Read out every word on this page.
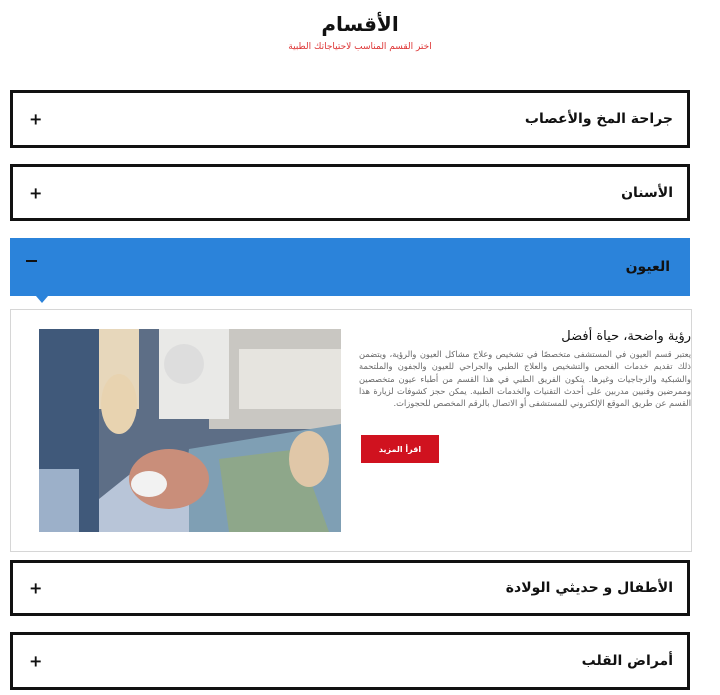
الأقسام
اختر القسم المناسب لاحتياجاتك الطبية
جراحة المخ والأعصاب
+
الأسنان
+
العيون
رؤية واضحة، حياة أفضل

يعتبر قسم العيون في المستشفى متخصصًا في تشخيص وعلاج مشاكل العيون والرؤية، ويتضمن ذلك تقديم خدمات الفحص والتشخيص والعلاج الطبي والجراحي للعيون والجفون والملتحمة والشبكية والزجاجيات وغيرها. يتكون الفريق الطبي في هذا القسم من أطباء عيون متخصصين وممرضين وفنيين مدربين على أحدث التقنيات والخدمات الطبية. يمكن حجز كشوفات لزيارة هذا القسم عن طريق الموقع الإلكتروني للمستشفى أو الاتصال بالرقم المخصص للحجوزات.

اقرأ المزيد
الأطفال و حديثي الولادة
+
أمراض القلب
+
